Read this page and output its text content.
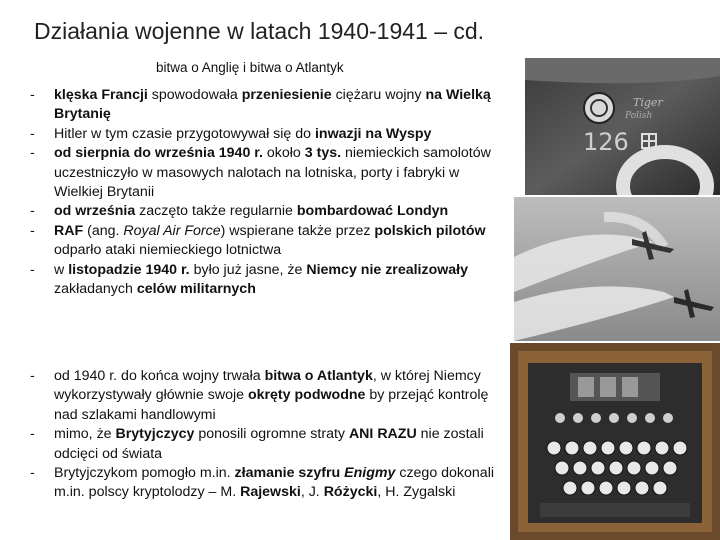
Działania wojenne w latach 1940-1941 – cd.
bitwa o Anglię i bitwa o Atlantyk
- klęska Francji spowodowała przeniesienie ciężaru wojny na Wielką Brytanię
- Hitler w tym czasie przygotowywał się do inwazji na Wyspy
- od sierpnia do września 1940 r. około 3 tys. niemieckich samolotów uczestniczyło w masowych nalotach na lotniska, porty i fabryki w Wielkiej Brytanii
- od września zaczęto także regularnie bombardować Londyn
- RAF (ang. Royal Air Force) wspierane także przez polskich pilotów odparło ataki niemieckiego lotnictwa
- w listopadzie 1940 r. było już jasne, że Niemcy nie zrealizowały zakładanych celów militarnych
- od 1940 r. do końca wojny trwała bitwa o Atlantyk, w której Niemcy wykorzystywały głównie swoje okręty podwodne by przejąć kontrolę nad szlakami handlowymi
- mimo, że Brytyjczycy ponosili ogromne straty ANI RAZU nie zostali odcięci od świata
- Brytyjczykom pomogło m.in. złamanie szyfru Enigmy czego dokonali m.in. polscy kryptolodzy – M. Rajewski, J. Różycki, H. Zygalski
Tiger
Polish
126
